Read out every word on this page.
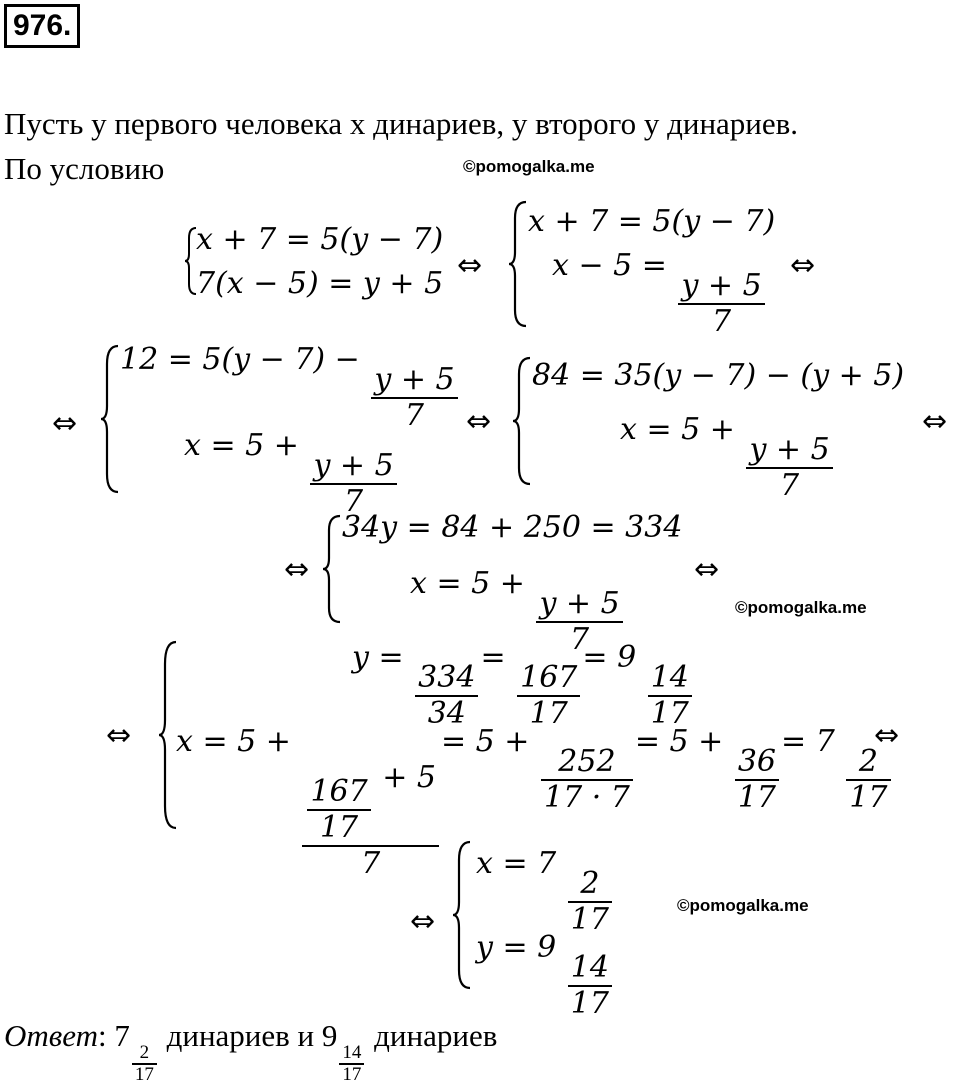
976.
Пусть у первого человека x динариев, у второго y динариев.
По условию	©pomogalka.me
©pomogalka.me
©pomogalka.me
x + 7 = 5(y − 7)
7(x − 5) = y + 5
⇔
x + 7 = 5(y − 7)
x − 5 =
$\frac{y + 5}{7}$
⇔
⇔
12 = 5(y − 7) −
$\frac{y + 5}{7}$
x = 5 +
$\frac{y + 5}{7}$
⇔
84 = 35(y − 7) − (y + 5)
x = 5 +
$\frac{y + 5}{7}$
⇔
⇔
34y = 84 + 250 = 334
x = 5 +
$\frac{y + 5}{7}$
⇔
⇔
y =
$\frac{334}{34}$
=
$\frac{167}{17}$
= 9
$\frac{14}{17}$
x = 5 +
$\frac{\frac{167}{17} + 5}{7}$
= 5 +
$\frac{252}{17 \cdot 7}$
= 5 +
$\frac{36}{17}$
= 7
$\frac{2}{17}$
⇔
⇔
x = 7
$\frac{2}{17}$
y = 9
$\frac{14}{17}$
Ответ: 7
$\frac{2}{17}$
динариев и 9
$\frac{14}{17}$
динариев
